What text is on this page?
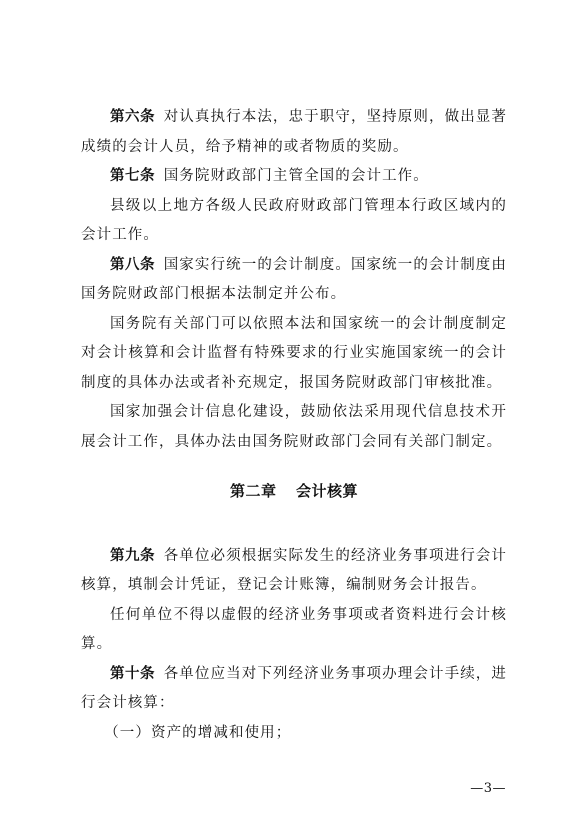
第六条 对认真执行本法，忠于职守，坚持原则，做出显著成绩的会计人员，给予精神的或者物质的奖励。

第七条 国务院财政部门主管全国的会计工作。

县级以上地方各级人民政府财政部门管理本行政区域内的会计工作。

第八条 国家实行统一的会计制度。国家统一的会计制度由国务院财政部门根据本法制定并公布。

国务院有关部门可以依照本法和国家统一的会计制度制定对会计核算和会计监督有特殊要求的行业实施国家统一的会计制度的具体办法或者补充规定，报国务院财政部门审核批准。

国家加强会计信息化建设，鼓励依法采用现代信息技术开展会计工作，具体办法由国务院财政部门会同有关部门制定。

第二章 会计核算

第九条 各单位必须根据实际发生的经济业务事项进行会计核算，填制会计凭证，登记会计账簿，编制财务会计报告。

任何单位不得以虚假的经济业务事项或者资料进行会计核算。

第十条 各单位应当对下列经济业务事项办理会计手续，进行会计核算：

（一）资产的增减和使用；

—3—
